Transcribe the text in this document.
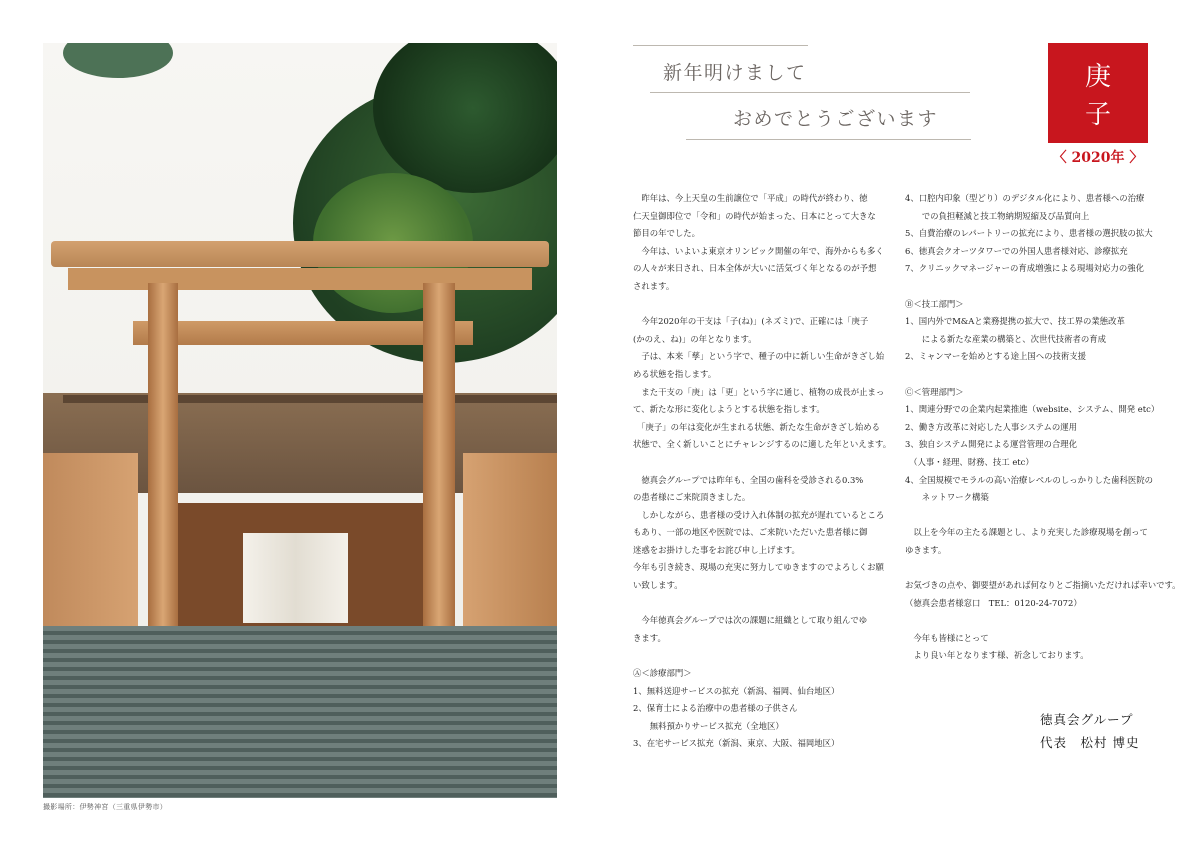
撮影場所：伊勢神宮（三重県伊勢市）
新年明けまして
おめでとうございます
庚
子
〈 2020年 〉

　昨年は、今上天皇の生前譲位で「平成」の時代が終わり、徳

仁天皇御即位で「令和」の時代が始まった、日本にとって大きな

節目の年でした。

　今年は、いよいよ東京オリンピック開催の年で、海外からも多く

の人々が来日され、日本全体が大いに活気づく年となるのが予想

されます。

　今年2020年の干支は「子(ね)」(ネズミ)で、正確には「庚子

(かのえ、ね)」の年となります。

　子は、本来「孳」という字で、種子の中に新しい生命がきざし始

める状態を指します。

　また干支の「庚」は「更」という字に通じ、植物の成長が止まっ

て、新たな形に変化しようとする状態を指します。

　「庚子」の年は変化が生まれる状態、新たな生命がきざし始める

状態で、全く新しいことにチャレンジするのに適した年といえます。

　徳真会グループでは昨年も、全国の歯科を受診される0.3%

の患者様にご来院頂きました。

　しかしながら、患者様の受け入れ体制の拡充が遅れているところ

もあり、一部の地区や医院では、ご来院いただいた患者様に御

迷惑をお掛けした事をお詫び申し上げます。

今年も引き続き、現場の充実に努力してゆきますのでよろしくお願

い致します。

　今年徳真会グループでは次の課題に組織として取り組んでゆ

きます。

Ⓐ＜診療部門＞

1、無料送迎サービスの拡充（新潟、福岡、仙台地区）

2、保育士による治療中の患者様の子供さん

　　無料預かりサービス拡充（全地区）

3、在宅サービス拡充（新潟、東京、大阪、福岡地区）

4、口腔内印象（型どり）のデジタル化により、患者様への治療

　　での負担軽減と技工物納期短縮及び品質向上

5、自費治療のレパートリーの拡充により、患者様の選択肢の拡大

6、徳真会クオーツタワーでの外国人患者様対応、診療拡充

7、クリニックマネージャーの育成増強による現場対応力の強化

Ⓑ＜技工部門＞

1、国内外でM&Aと業務提携の拡大で、技工界の業態改革

　　による新たな産業の構築と、次世代技術者の育成

2、ミャンマーを始めとする途上国への技術支援

Ⓒ＜管理部門＞

1、関連分野での企業内起業推進（website、システム、開発 etc）

2、働き方改革に対応した人事システムの運用

3、独自システム開発による運営管理の合理化

　（人事・経理、財務、技工 etc）

4、全国規模でモラルの高い治療レベルのしっかりした歯科医院の

　　ネットワーク構築

　以上を今年の主たる課題とし、より充実した診療現場を創って

ゆきます。

お気づきの点や、御要望があれば何なりとご指摘いただければ幸いです。

（徳真会患者様窓口　TEL：0120-24-7072）

　今年も皆様にとって

　より良い年となります様、祈念しております。

徳真会グループ

代表　松村 博史
